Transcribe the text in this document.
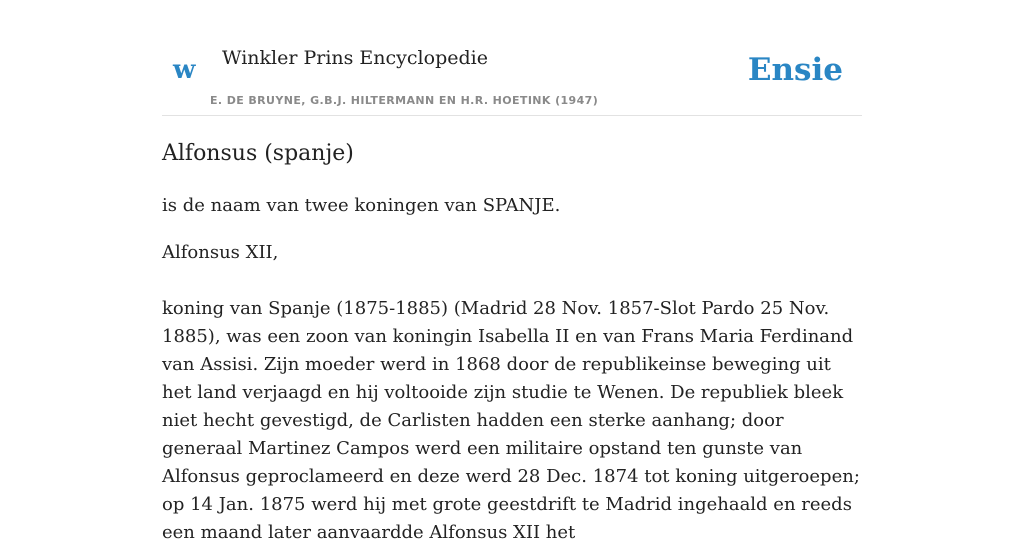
w Winkler Prins Encyclopedie
E. DE BRUYNE, G.B.J. HILTERMANN EN H.R. HOETINK (1947)
Ensie
Alfonsus (spanje)

is de naam van twee koningen van SPANJE.

Alfonsus XII,

koning van Spanje (1875-1885) (Madrid 28 Nov. 1857-Slot Pardo 25 Nov. 1885), was een zoon van koningin Isabella II en van Frans Maria Ferdinand van Assisi. Zijn moeder werd in 1868 door de republikeinse beweging uit het land verjaagd en hij voltooide zijn studie te Wenen. De republiek bleek niet hecht gevestigd, de Carlisten hadden een sterke aanhang; door generaal Martinez Campos werd een militaire opstand ten gunste van Alfonsus geproclameerd en deze werd 28 Dec. 1874 tot koning uitgeroepen; op 14 Jan. 1875 werd hij met grote geestdrift te Madrid ingehaald en reeds een maand later aanvaardde Alfonsus XII het
